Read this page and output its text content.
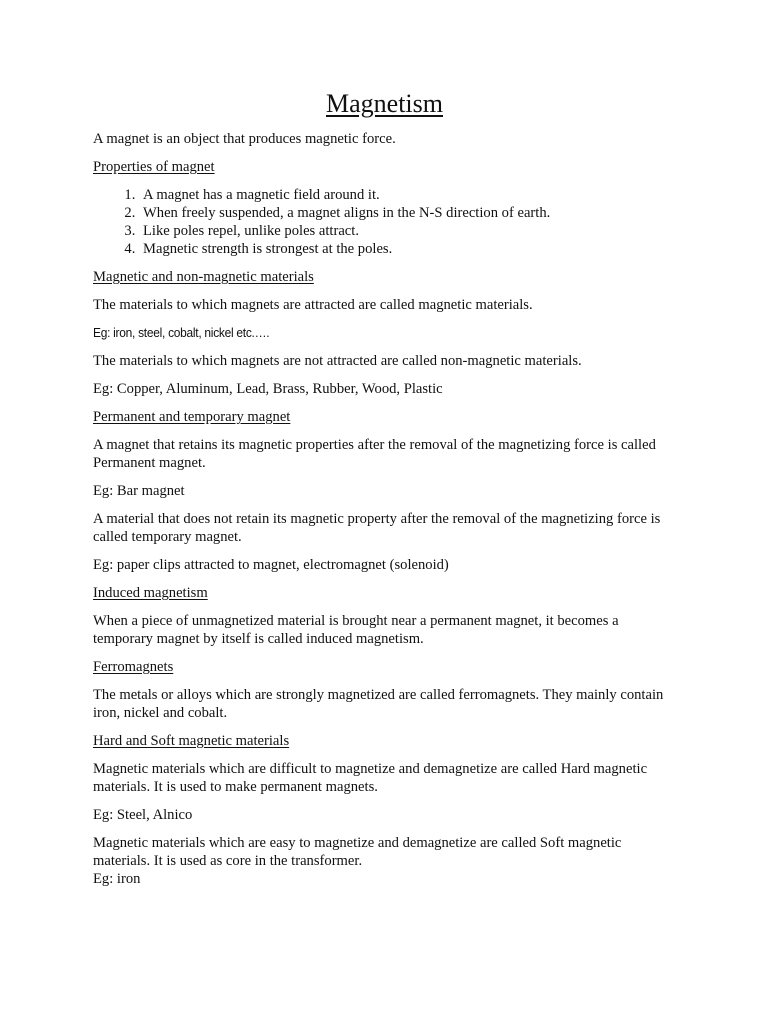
Magnetism

A magnet is an object that produces magnetic force.

Properties of magnet

1. A magnet has a magnetic field around it.
2. When freely suspended, a magnet aligns in the N-S direction of earth.
3. Like poles repel, unlike poles attract.
4. Magnetic strength is strongest at the poles.

Magnetic and non-magnetic materials

The materials to which magnets are attracted are called magnetic materials.

Eg: iron, steel, cobalt, nickel etc.….

The materials to which magnets are not attracted are called non-magnetic materials.

Eg: Copper, Aluminum, Lead, Brass, Rubber, Wood, Plastic

Permanent and temporary magnet

A magnet that retains its magnetic properties after the removal of the magnetizing force is called Permanent magnet.

Eg: Bar magnet

A material that does not retain its magnetic property after the removal of the magnetizing force is called temporary magnet.

Eg: paper clips attracted to magnet, electromagnet (solenoid)

Induced magnetism

When a piece of unmagnetized material is brought near a permanent magnet, it becomes a temporary magnet by itself is called induced magnetism.

Ferromagnets

The metals or alloys which are strongly magnetized are called ferromagnets. They mainly contain iron, nickel and cobalt.

Hard and Soft magnetic materials

Magnetic materials which are difficult to magnetize and demagnetize are called Hard magnetic materials. It is used to make permanent magnets.

Eg: Steel, Alnico

Magnetic materials which are easy to magnetize and demagnetize are called Soft magnetic materials. It is used as core in the transformer.

Eg: iron
